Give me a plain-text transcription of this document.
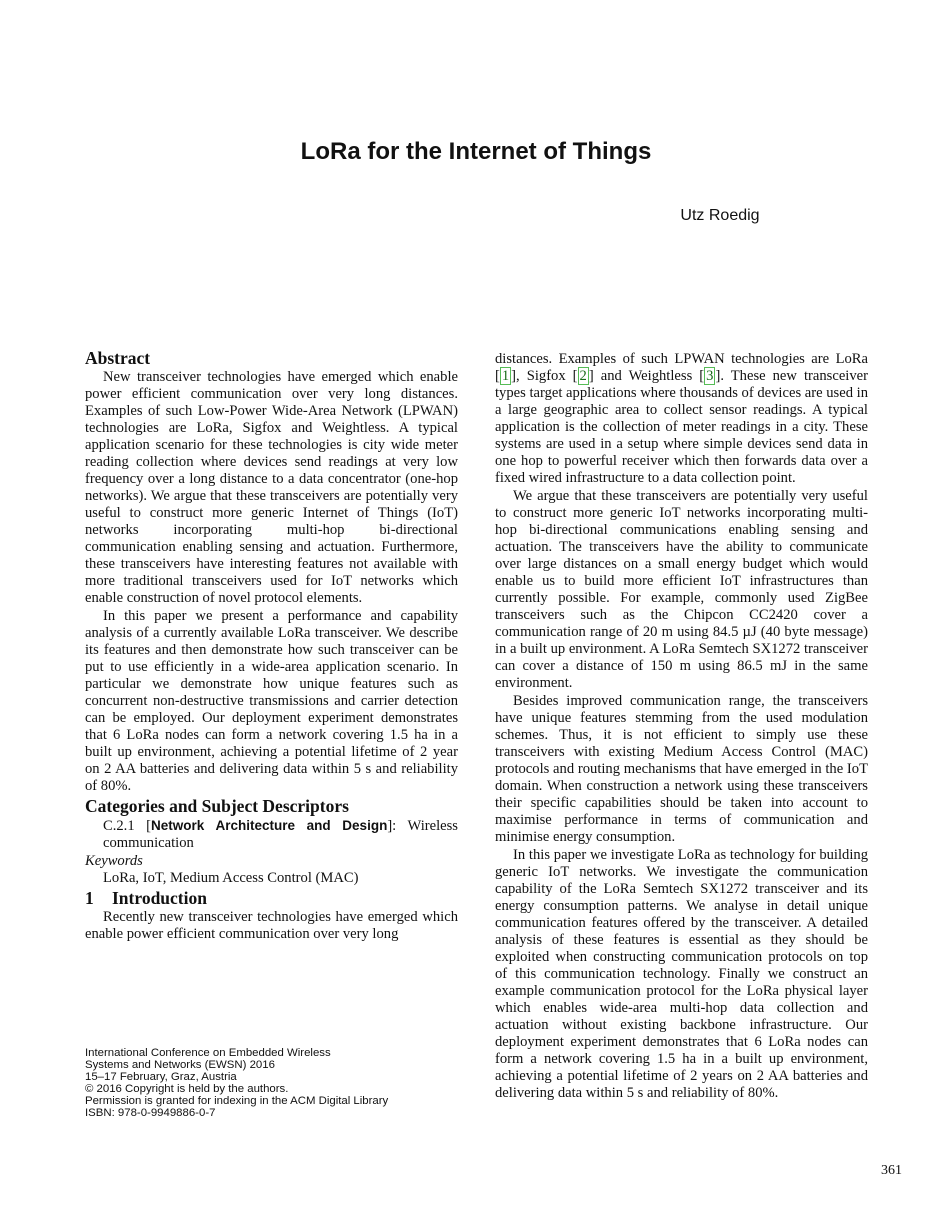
LoRa for the Internet of Things
Utz Roedig
Abstract

New transceiver technologies have emerged which enable power efficient communication over very long distances. Examples of such Low-Power Wide-Area Network (LPWAN) technologies are LoRa, Sigfox and Weightless. A typical application scenario for these technologies is city wide meter reading collection where devices send readings at very low frequency over a long distance to a data concentrator (one-hop networks). We argue that these transceivers are potentially very useful to construct more generic Internet of Things (IoT) networks incorporating multi-hop bi-directional communication enabling sensing and actuation. Furthermore, these transceivers have interesting features not available with more traditional transceivers used for IoT networks which enable construction of novel protocol elements.

In this paper we present a performance and capability analysis of a currently available LoRa transceiver. We describe its features and then demonstrate how such transceiver can be put to use efficiently in a wide-area application scenario. In particular we demonstrate how unique features such as concurrent non-destructive transmissions and carrier detection can be employed. Our deployment experiment demonstrates that 6 LoRa nodes can form a network covering 1.5 ha in a built up environment, achieving a potential lifetime of 2 year on 2 AA batteries and delivering data within 5 s and reliability of 80%.

Categories and Subject Descriptors

C.2.1 [Network Architecture and Design]: Wireless communication

Keywords

LoRa, IoT, Medium Access Control (MAC)

1 Introduction

Recently new transceiver technologies have emerged which enable power efficient communication over very long

distances. Examples of such LPWAN technologies are LoRa [ 1 ], Sigfox [ 2 ] and Weightless [ 3 ]. These new transceiver types target applications where thousands of devices are used in a large geographic area to collect sensor readings. A typical application is the collection of meter readings in a city. These systems are used in a setup where simple devices send data in one hop to powerful receiver which then forwards data over a fixed wired infrastructure to a data collection point.

We argue that these transceivers are potentially very useful to construct more generic IoT networks incorporating multi-hop bi-directional communications enabling sensing and actuation. The transceivers have the ability to communicate over large distances on a small energy budget which would enable us to build more efficient IoT infrastructures than currently possible. For example, commonly used ZigBee transceivers such as the Chipcon CC2420 cover a communication range of 20 m using 84.5 µJ (40 byte message) in a built up environment. A LoRa Semtech SX1272 transceiver can cover a distance of 150 m using 86.5 mJ in the same environment.

Besides improved communication range, the transceivers have unique features stemming from the used modulation schemes. Thus, it is not efficient to simply use these transceivers with existing Medium Access Control (MAC) protocols and routing mechanisms that have emerged in the IoT domain. When construction a network using these transceivers their specific capabilities should be taken into account to maximise performance in terms of communication and minimise energy consumption.

In this paper we investigate LoRa as technology for building generic IoT networks. We investigate the communication capability of the LoRa Semtech SX1272 transceiver and its energy consumption patterns. We analyse in detail unique communication features offered by the transceiver. A detailed analysis of these features is essential as they should be exploited when constructing communication protocols on top of this communication technology. Finally we construct an example communication protocol for the LoRa physical layer which enables wide-area multi-hop data collection and actuation without existing backbone infrastructure. Our deployment experiment demonstrates that 6 LoRa nodes can form a network covering 1.5 ha in a built up environment, achieving a potential lifetime of 2 years on 2 AA batteries and delivering data within 5 s and reliability of 80%.

International Conference on Embedded Wireless
Systems and Networks (EWSN) 2016
15–17 February, Graz, Austria
© 2016 Copyright is held by the authors.
Permission is granted for indexing in the ACM Digital Library
ISBN: 978-0-9949886-0-7
361
